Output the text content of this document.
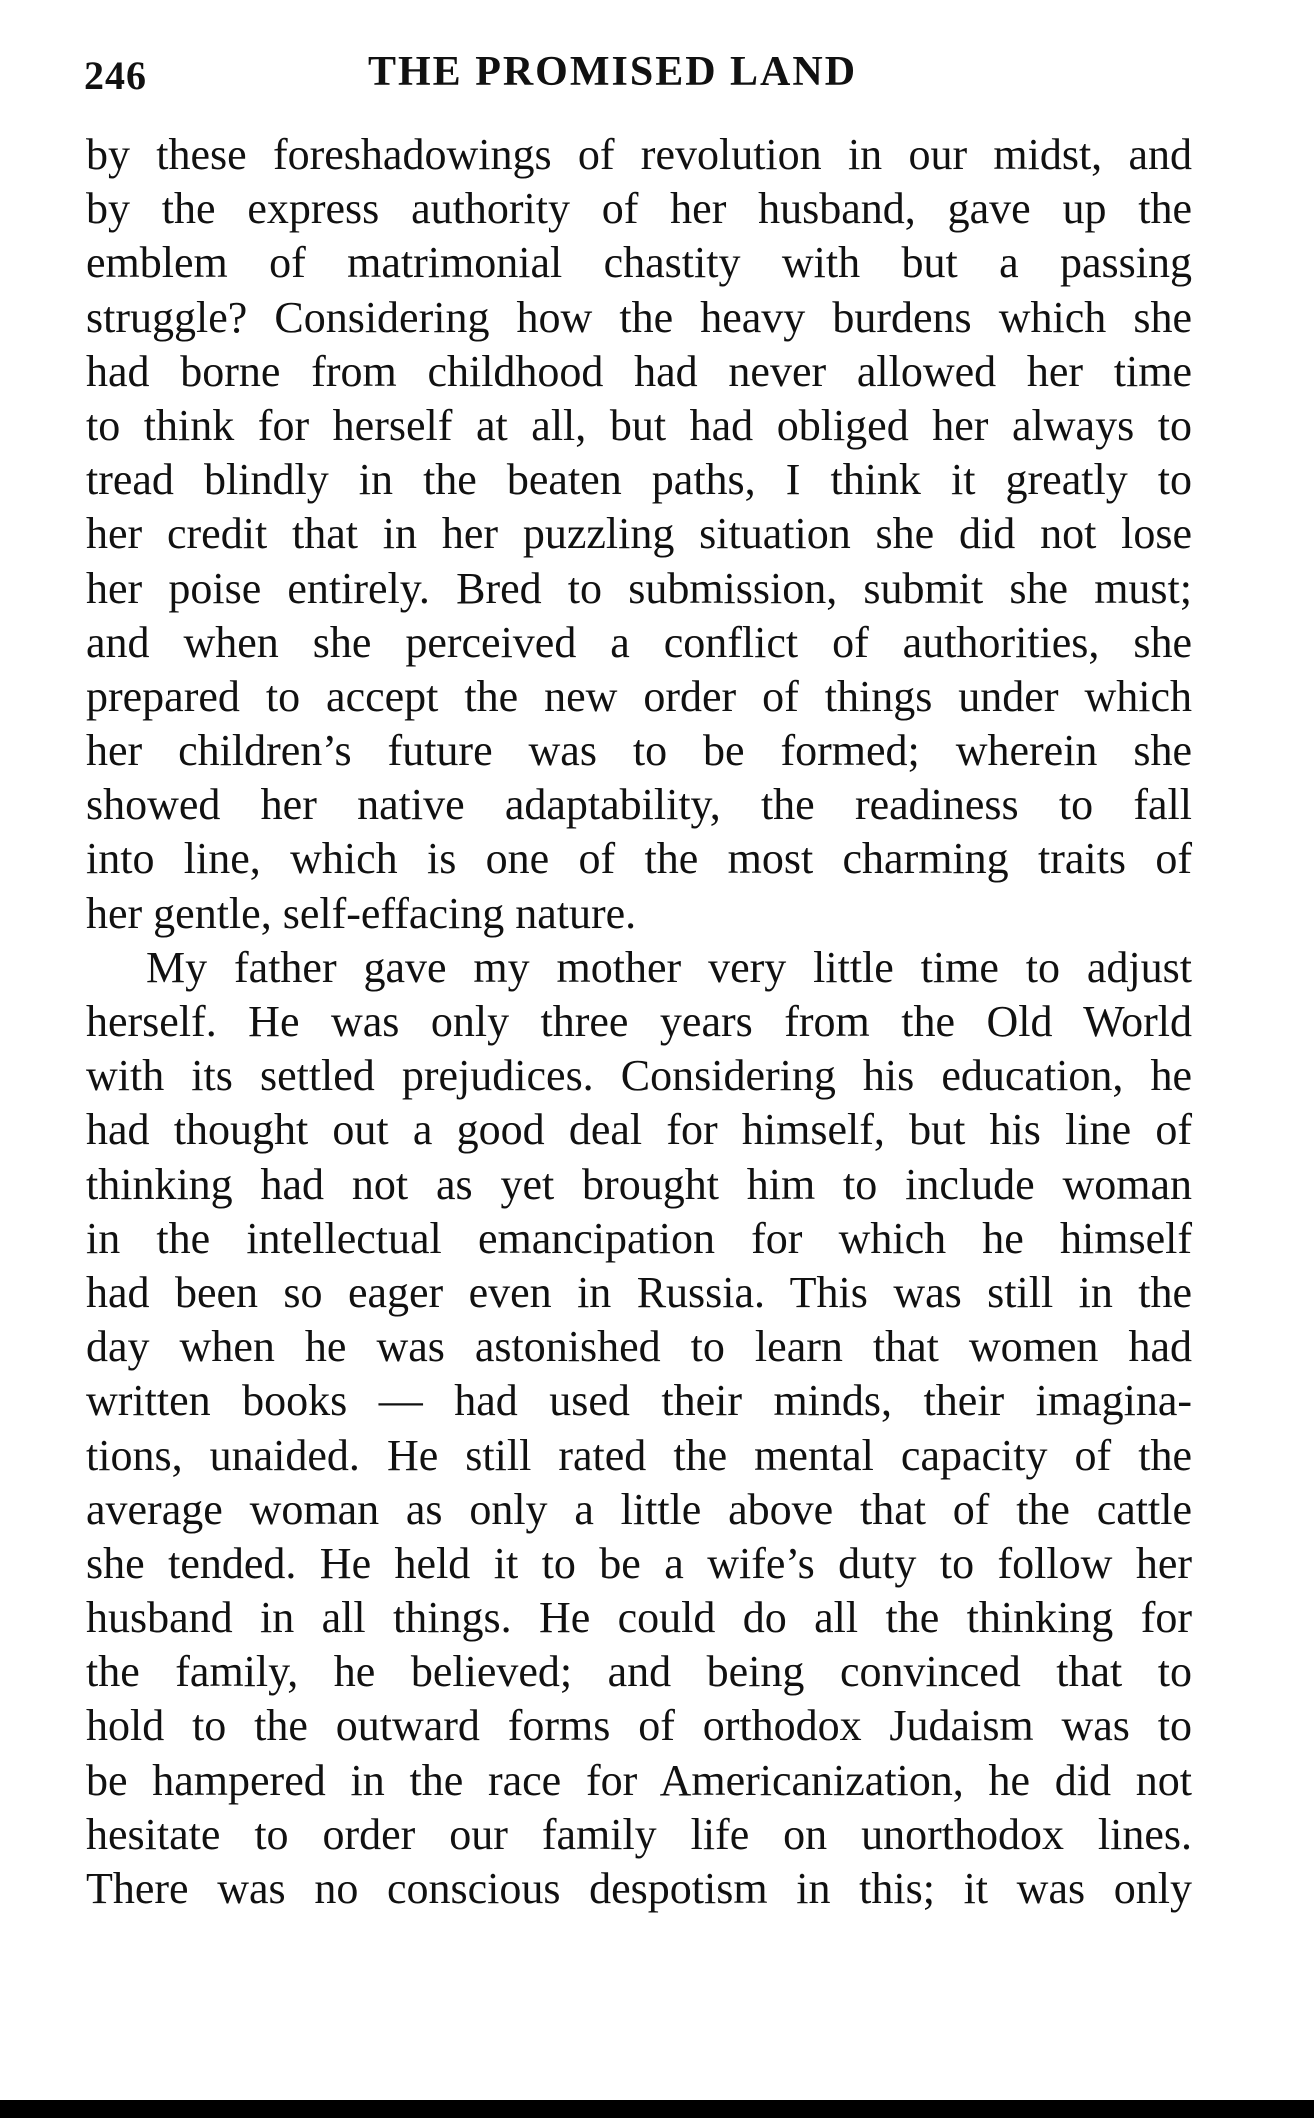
246	THE PROMISED LAND
by these foreshadowings of revolution in our midst, and
by the express authority of her husband, gave up the
emblem of matrimonial chastity with but a passing
struggle? Considering how the heavy burdens which she
had borne from childhood had never allowed her time
to think for herself at all, but had obliged her always to
tread blindly in the beaten paths, I think it greatly to
her credit that in her puzzling situation she did not lose
her poise entirely. Bred to submission, submit she must;
and when she perceived a conflict of authorities, she
prepared to accept the new order of things under which
her children’s future was to be formed; wherein she
showed her native adaptability, the readiness to fall
into line, which is one of the most charming traits of
her gentle, self-effacing nature.
My father gave my mother very little time to adjust
herself. He was only three years from the Old World
with its settled prejudices. Considering his education, he
had thought out a good deal for himself, but his line of
thinking had not as yet brought him to include woman
in the intellectual emancipation for which he himself
had been so eager even in Russia. This was still in the
day when he was astonished to learn that women had
written books — had used their minds, their imagina-
tions, unaided. He still rated the mental capacity of the
average woman as only a little above that of the cattle
she tended. He held it to be a wife’s duty to follow her
husband in all things. He could do all the thinking for
the family, he believed; and being convinced that to
hold to the outward forms of orthodox Judaism was to
be hampered in the race for Americanization, he did not
hesitate to order our family life on unorthodox lines.
There was no conscious despotism in this; it was only
